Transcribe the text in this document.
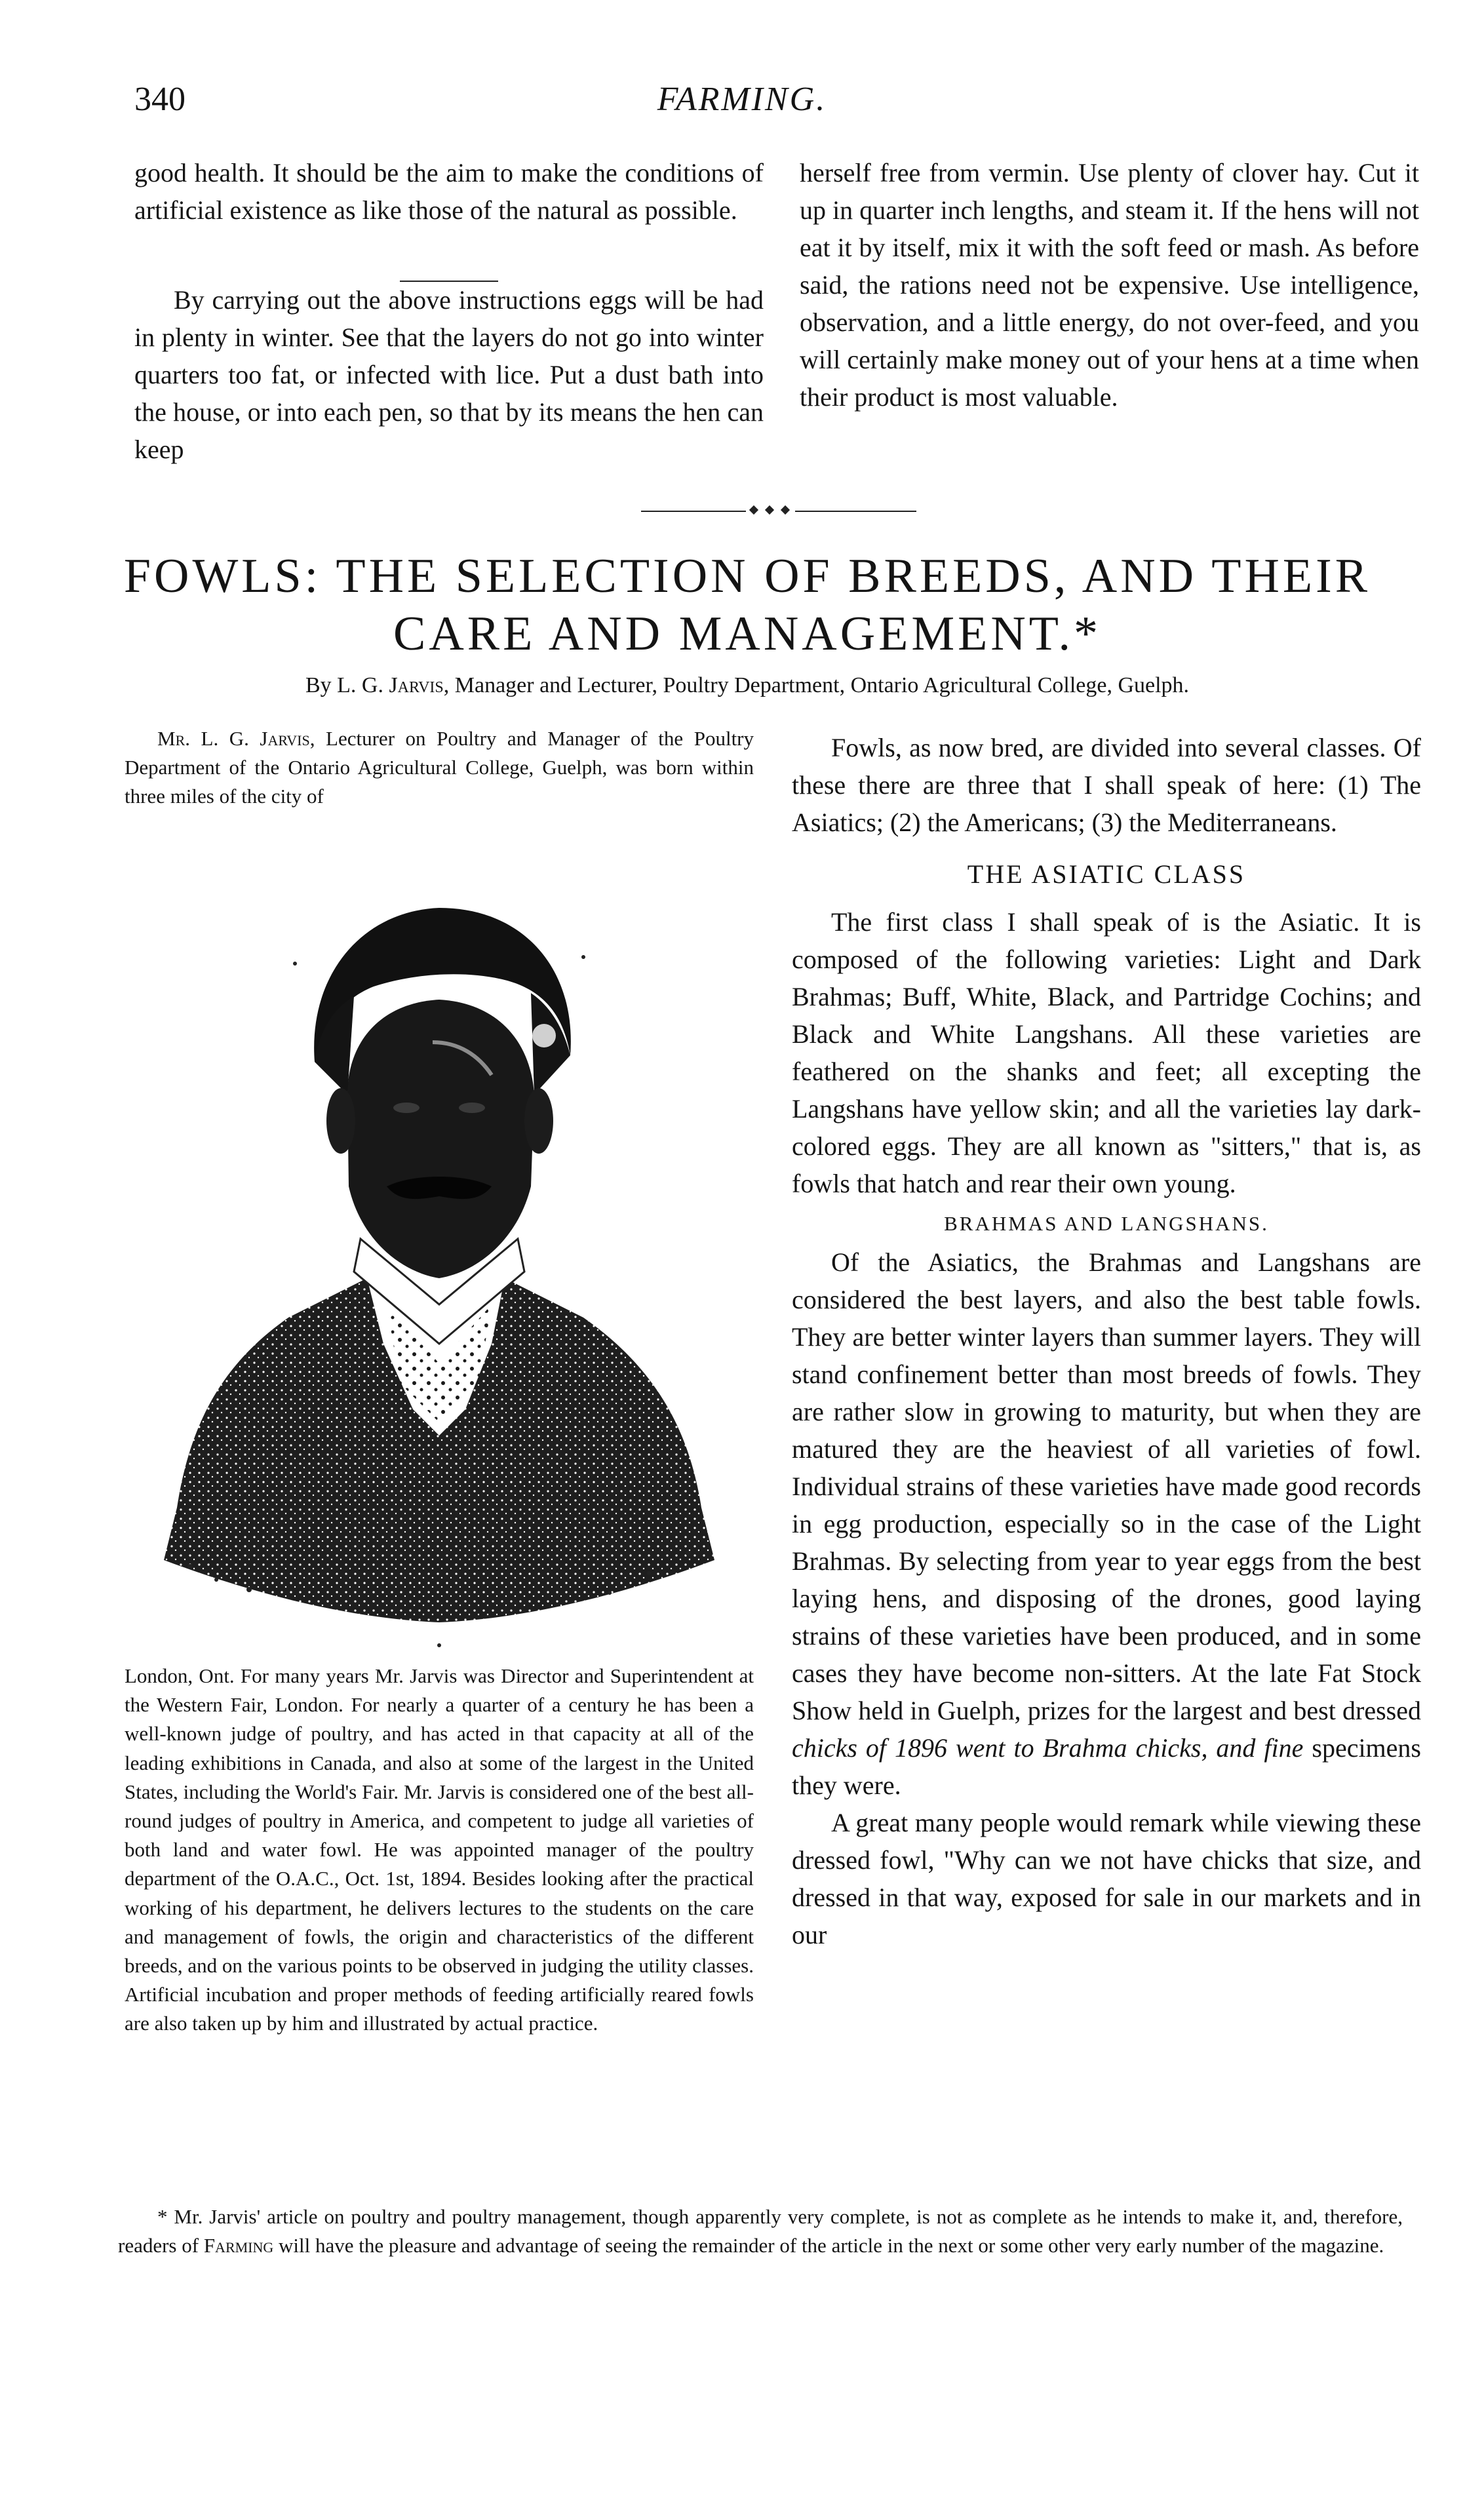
340	FARMING.

good health. It should be the aim to make the conditions of artificial existence as like those of the natural as possible.

By carrying out the above instructions eggs will be had in plenty in winter. See that the layers do not go into winter quarters too fat, or infected with lice. Put a dust bath into the house, or into each pen, so that by its means the hen can keep

herself free from vermin. Use plenty of clover hay. Cut it up in quarter inch lengths, and steam it. If the hens will not eat it by itself, mix it with the soft feed or mash. As before said, the rations need not be expensive. Use intelligence, observation, and a little energy, do not over-feed, and you will certainly make money out of your hens at a time when their product is most valuable.

FOWLS: THE SELECTION OF BREEDS, AND THEIR
CARE AND MANAGEMENT.*
By L. G. Jarvis, Manager and Lecturer, Poultry Department, Ontario Agricultural College, Guelph.

Mr. L. G. Jarvis, Lecturer on Poultry and Manager of the Poultry Department of the Ontario Agricultural College, Guelph, was born within three miles of the city of

London, Ont. For many years Mr. Jarvis was Director and Superintendent at the Western Fair, London. For nearly a quarter of a century he has been a well-known judge of poultry, and has acted in that capacity at all of the leading exhibitions in Canada, and also at some of the largest in the United States, including the World's Fair. Mr. Jarvis is considered one of the best all-round judges of poultry in America, and competent to judge all varieties of both land and water fowl. He was appointed manager of the poultry department of the O.A.C., Oct. 1st, 1894. Besides looking after the practical working of his department, he delivers lectures to the students on the care and management of fowls, the origin and characteristics of the different breeds, and on the various points to be observed in judging the utility classes. Artificial incubation and proper methods of feeding artificially reared fowls are also taken up by him and illustrated by actual practice.

Fowls, as now bred, are divided into several classes. Of these there are three that I shall speak of here: (1) The Asiatics; (2) the Americans; (3) the Mediterraneans.

THE ASIATIC CLASS

The first class I shall speak of is the Asiatic. It is composed of the following varieties: Light and Dark Brahmas; Buff, White, Black, and Partridge Cochins; and Black and White Langshans. All these varieties are feathered on the shanks and feet; all excepting the Langshans have yellow skin; and all the varieties lay dark-colored eggs. They are all known as "sitters," that is, as fowls that hatch and rear their own young.

BRAHMAS AND LANGSHANS.

Of the Asiatics, the Brahmas and Langshans are considered the best layers, and also the best table fowls. They are better winter layers than summer layers. They will stand confinement better than most breeds of fowls. They are rather slow in growing to maturity, but when they are matured they are the heaviest of all varieties of fowl. Individual strains of these varieties have made good records in egg production, especially so in the case of the Light Brahmas. By selecting from year to year eggs from the best laying hens, and disposing of the drones, good laying strains of these varieties have been produced, and in some cases they have become non-sitters. At the late Fat Stock Show held in Guelph, prizes for the largest and best dressed chicks of 1896 went to Brahma chicks, and fine specimens they were.

A great many people would remark while viewing these dressed fowl, "Why can we not have chicks that size, and dressed in that way, exposed for sale in our markets and in our

* Mr. Jarvis' article on poultry and poultry management, though apparently very complete, is not as complete as he intends to make it, and, therefore, readers of Farming will have the pleasure and advantage of seeing the remainder of the article in the next or some other very early number of the magazine.
